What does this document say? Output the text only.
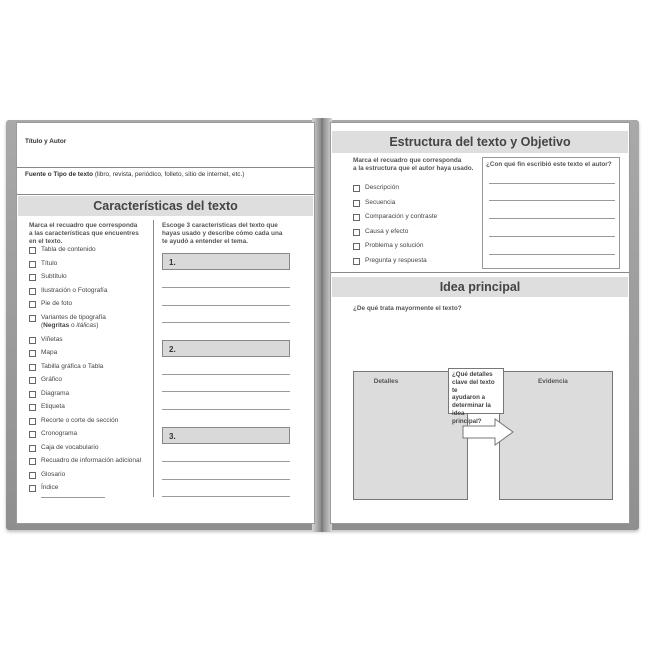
Título y Autor
Fuente o Tipo de texto (libro, revista, periódico, folleto, sitio de internet, etc.)
Características del texto
Marca el recuadro que corresponda
a las características que encuentres
en el texto.
Escoge 3 características del texto que
hayas usado y describe cómo cada una
te ayudó a entender el tema.
Tabla de contenido
Título
Subtítulo
Ilustración o Fotografía
Pie de foto
Variantes de tipografía
(Negritas o itálicas)
Viñetas
Mapa
Tabilla gráfica o Tabla
Gráfico
Diagrama
Etiqueta
Recorte o corte de sección
Cronograma
Caja de vocabulario
Recuadro de información adicional
Glosario
Índice
1.
2.
3.
Estructura del texto y Objetivo
Marca el recuadro que corresponda
a la estructura que el autor haya usado.
Descripción
Secuencia
Comparación y contraste
Causa y efecto
Problema y solución
Pregunta y respuesta
¿Con qué fin escribió este texto el autor?
Idea principal
¿De qué trata mayormente el texto?
Detalles	Evidencia
¿Qué detalles
clave del texto te
ayudaron a
determinar la idea
principal?
